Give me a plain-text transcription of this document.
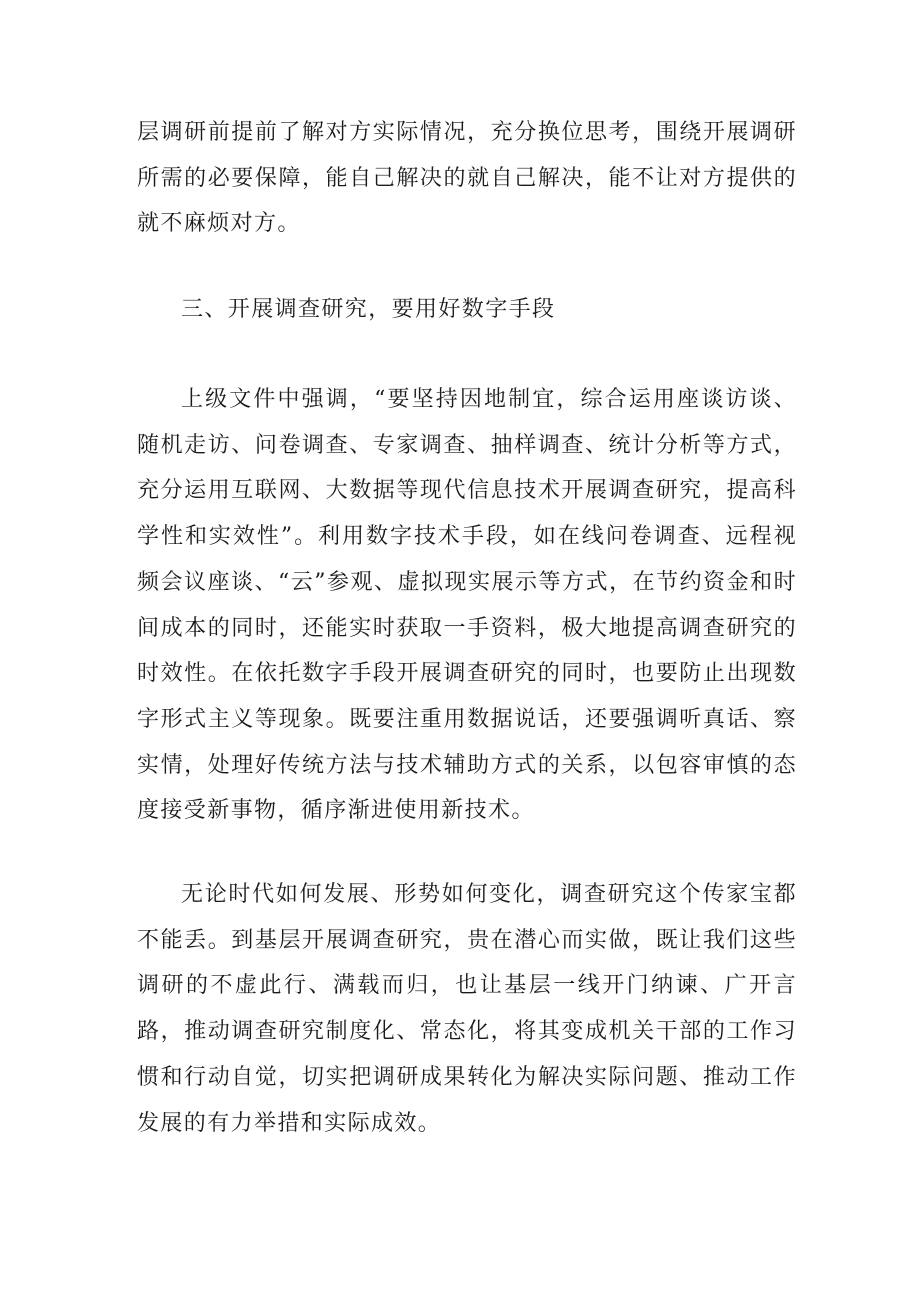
层调研前提前了解对方实际情况，充分换位思考，围绕开展调研所需的必要保障，能自己解决的就自己解决，能不让对方提供的就不麻烦对方。

三、开展调查研究，要用好数字手段

上级文件中强调，“要坚持因地制宜，综合运用座谈访谈、随机走访、问卷调查、专家调查、抽样调查、统计分析等方式，充分运用互联网、大数据等现代信息技术开展调查研究，提高科学性和实效性”。利用数字技术手段，如在线问卷调查、远程视频会议座谈、“云”参观、虚拟现实展示等方式，在节约资金和时间成本的同时，还能实时获取一手资料，极大地提高调查研究的时效性。在依托数字手段开展调查研究的同时，也要防止出现数字形式主义等现象。既要注重用数据说话，还要强调听真话、察实情，处理好传统方法与技术辅助方式的关系，以包容审慎的态度接受新事物，循序渐进使用新技术。

无论时代如何发展、形势如何变化，调查研究这个传家宝都不能丢。到基层开展调查研究，贵在潜心而实做，既让我们这些调研的不虚此行、满载而归，也让基层一线开门纳谏、广开言路，推动调查研究制度化、常态化，将其变成机关干部的工作习惯和行动自觉，切实把调研成果转化为解决实际问题、推动工作发展的有力举措和实际成效。
